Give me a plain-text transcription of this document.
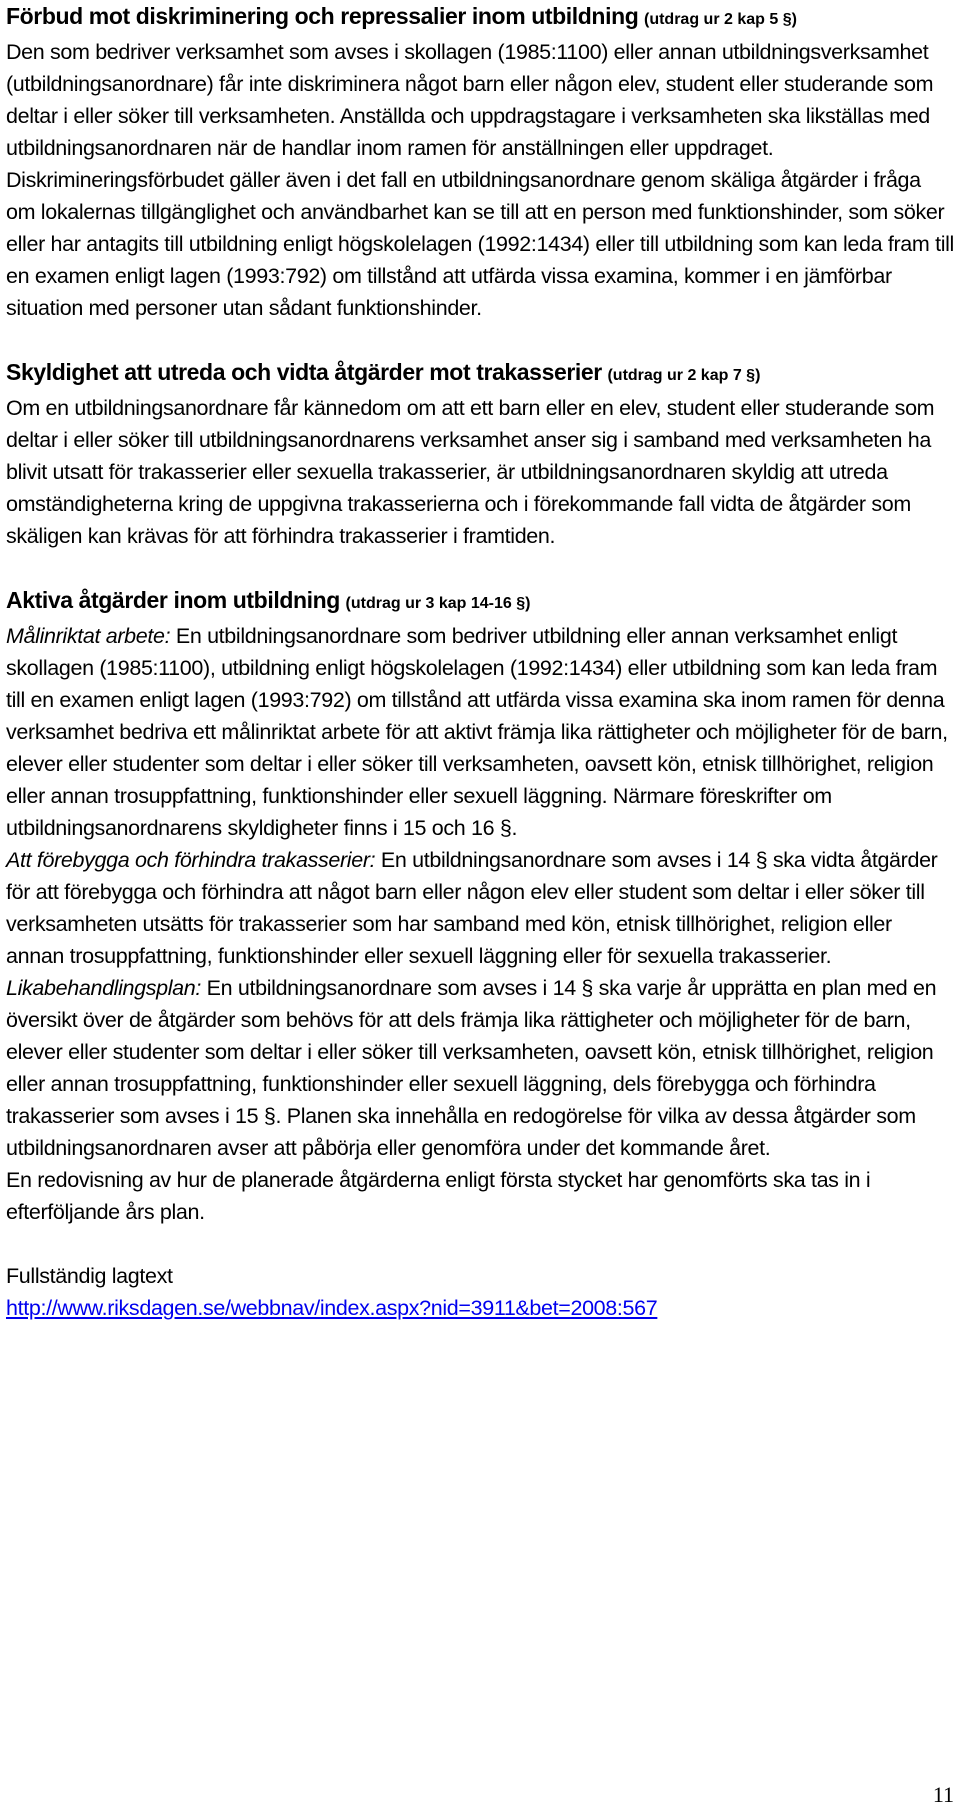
Förbud mot diskriminering och repressalier inom utbildning (utdrag ur 2 kap 5 §)

Den som bedriver verksamhet som avses i skollagen (1985:1100) eller annan utbildningsverksamhet (utbildningsanordnare) får inte diskriminera något barn eller någon elev, student eller studerande som deltar i eller söker till verksamheten. Anställda och uppdragstagare i verksamheten ska likställas med utbildningsanordnaren när de handlar inom ramen för anställningen eller uppdraget. Diskrimineringsförbudet gäller även i det fall en utbildningsanordnare genom skäliga åtgärder i fråga om lokalernas tillgänglighet och användbarhet kan se till att en person med funktionshinder, som söker eller har antagits till utbildning enligt högskolelagen (1992:1434) eller till utbildning som kan leda fram till en examen enligt lagen (1993:792) om tillstånd att utfärda vissa examina, kommer i en jämförbar situation med personer utan sådant funktionshinder.

Skyldighet att utreda och vidta åtgärder mot trakasserier (utdrag ur 2 kap 7 §)

Om en utbildningsanordnare får kännedom om att ett barn eller en elev, student eller studerande som deltar i eller söker till utbildningsanordnarens verksamhet anser sig i samband med verksamheten ha blivit utsatt för trakasserier eller sexuella trakasserier, är utbildningsanordnaren skyldig att utreda omständigheterna kring de uppgivna trakasserierna och i förekommande fall vidta de åtgärder som skäligen kan krävas för att förhindra trakasserier i framtiden.

Aktiva åtgärder inom utbildning (utdrag ur 3 kap 14-16 §)

Målinriktat arbete: En utbildningsanordnare som bedriver utbildning eller annan verksamhet enligt skollagen (1985:1100), utbildning enligt högskolelagen (1992:1434) eller utbildning som kan leda fram till en examen enligt lagen (1993:792) om tillstånd att utfärda vissa examina ska inom ramen för denna verksamhet bedriva ett målinriktat arbete för att aktivt främja lika rättigheter och möjligheter för de barn, elever eller studenter som deltar i eller söker till verksamheten, oavsett kön, etnisk tillhörighet, religion eller annan trosuppfattning, funktionshinder eller sexuell läggning. Närmare föreskrifter om utbildningsanordnarens skyldigheter finns i 15 och 16 §.

Att förebygga och förhindra trakasserier: En utbildningsanordnare som avses i 14 § ska vidta åtgärder för att förebygga och förhindra att något barn eller någon elev eller student som deltar i eller söker till verksamheten utsätts för trakasserier som har samband med kön, etnisk tillhörighet, religion eller annan trosuppfattning, funktionshinder eller sexuell läggning eller för sexuella trakasserier.

Likabehandlingsplan: En utbildningsanordnare som avses i 14 § ska varje år upprätta en plan med en översikt över de åtgärder som behövs för att dels främja lika rättigheter och möjligheter för de barn, elever eller studenter som deltar i eller söker till verksamheten, oavsett kön, etnisk tillhörighet, religion eller annan trosuppfattning, funktionshinder eller sexuell läggning, dels förebygga och förhindra trakasserier som avses i 15 §. Planen ska innehålla en redogörelse för vilka av dessa åtgärder som utbildningsanordnaren avser att påbörja eller genomföra under det kommande året.

En redovisning av hur de planerade åtgärderna enligt första stycket har genomförts ska tas in i efterföljande års plan.

Fullständig lagtext

http://www.riksdagen.se/webbnav/index.aspx?nid=3911&bet=2008:567

11
